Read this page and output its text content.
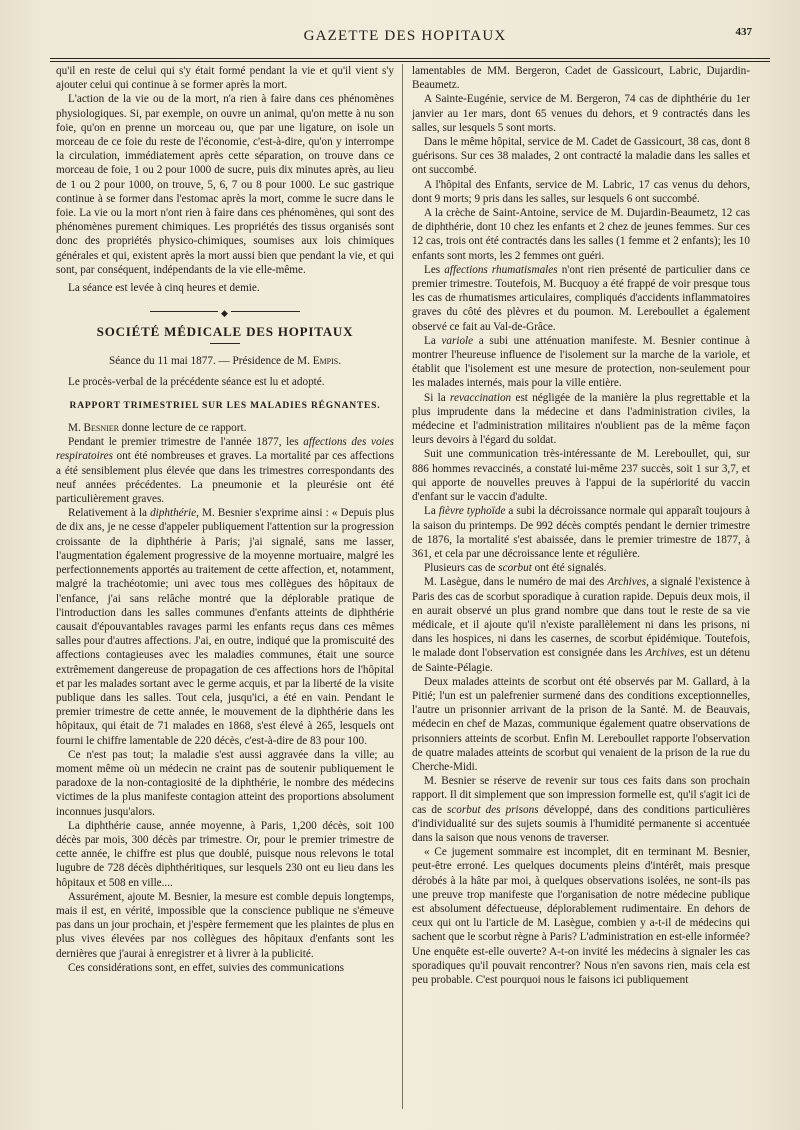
GAZETTE DES HOPITAUX	437

qu'il en reste de celui qui s'y était formé pendant la vie et qu'il vient s'y ajouter celui qui continue à se former après la mort.

L'action de la vie ou de la mort, n'a rien à faire dans ces phénomènes physiologiques. Si, par exemple, on ouvre un animal, qu'on mette à nu son foie, qu'on en prenne un morceau ou, que par une ligature, on isole un morceau de ce foie du reste de l'économie, c'est-à-dire, qu'on y interrompe la circulation, immédiatement après cette séparation, on trouve dans ce morceau de foie, 1 ou 2 pour 1000 de sucre, puis dix minutes après, au lieu de 1 ou 2 pour 1000, on trouve, 5, 6, 7 ou 8 pour 1000. Le suc gastrique continue à se former dans l'estomac après la mort, comme le sucre dans le foie. La vie ou la mort n'ont rien à faire dans ces phénomènes, qui sont des phénomènes purement chimiques. Les propriétés des tissus organisés sont donc des propriétés physico-chimiques, soumises aux lois chimiques générales et qui, existent après la mort aussi bien que pendant la vie, et qui sont, par conséquent, indépendants de la vie elle-même.

La séance est levée à cinq heures et demie.

◆
SOCIÉTÉ MÉDICALE DES HOPITAUX

Séance du 11 mai 1877. — Présidence de M. Empis.

Le procès-verbal de la précédente séance est lu et adopté.

RAPPORT TRIMESTRIEL SUR LES MALADIES RÉGNANTES.

M. Besnier donne lecture de ce rapport.

Pendant le premier trimestre de l'année 1877, les affections des voies respiratoires ont été nombreuses et graves. La mortalité par ces affections a été sensiblement plus élevée que dans les trimestres correspondants des neuf années précédentes. La pneumonie et la pleurésie ont été particulièrement graves.

Relativement à la diphthérie, M. Besnier s'exprime ainsi : « Depuis plus de dix ans, je ne cesse d'appeler publiquement l'attention sur la progression croissante de la diphthérie à Paris; j'ai signalé, sans me lasser, l'augmentation également progressive de la moyenne mortuaire, malgré les perfectionnements apportés au traitement de cette affection, et, notamment, malgré la trachéotomie; uni avec tous mes collègues des hôpitaux de l'enfance, j'ai sans relâche montré que la déplorable pratique de l'introduction dans les salles communes d'enfants atteints de diphthérie causait d'épouvantables ravages parmi les enfants reçus dans ces mêmes salles pour d'autres affections. J'ai, en outre, indiqué que la promiscuité des affections contagieuses avec les maladies communes, était une source extrêmement dangereuse de propagation de ces affections hors de l'hôpital et par les malades sortant avec le germe acquis, et par la liberté de la visite publique dans les salles. Tout cela, jusqu'ici, a été en vain. Pendant le premier trimestre de cette année, le mouvement de la diphthérie dans les hôpitaux, qui était de 71 malades en 1868, s'est élevé à 265, lesquels ont fourni le chiffre lamentable de 220 décès, c'est-à-dire de 83 pour 100.

Ce n'est pas tout; la maladie s'est aussi aggravée dans la ville; au moment même où un médecin ne craint pas de soutenir publiquement le paradoxe de la non-contagiosité de la diphthérie, le nombre des médecins victimes de la plus manifeste contagion atteint des proportions absolument inconnues jusqu'alors.

La diphthérie cause, année moyenne, à Paris, 1,200 décès, soit 100 décès par mois, 300 décès par trimestre. Or, pour le premier trimestre de cette année, le chiffre est plus que doublé, puisque nous relevons le total lugubre de 728 décès diphthéritiques, sur lesquels 230 ont eu lieu dans les hôpitaux et 508 en ville....

Assurément, ajoute M. Besnier, la mesure est comble depuis longtemps, mais il est, en vérité, impossible que la conscience publique ne s'émeuve pas dans un jour prochain, et j'espère fermement que les plaintes de plus en plus vives élevées par nos collègues des hôpitaux d'enfants sont les dernières que j'aurai à enregistrer et à livrer à la publicité.

Ces considérations sont, en effet, suivies des communications

lamentables de MM. Bergeron, Cadet de Gassicourt, Labric, Dujardin-Beaumetz.

A Sainte-Eugénie, service de M. Bergeron, 74 cas de diphthérie du 1er janvier au 1er mars, dont 65 venues du dehors, et 9 contractés dans les salles, sur lesquels 5 sont morts.

Dans le même hôpital, service de M. Cadet de Gassicourt, 38 cas, dont 8 guérisons. Sur ces 38 malades, 2 ont contracté la maladie dans les salles et ont succombé.

A l'hôpital des Enfants, service de M. Labric, 17 cas venus du dehors, dont 9 morts; 9 pris dans les salles, sur lesquels 6 ont succombé.

A la crèche de Saint-Antoine, service de M. Dujardin-Beaumetz, 12 cas de diphthérie, dont 10 chez les enfants et 2 chez de jeunes femmes. Sur ces 12 cas, trois ont été contractés dans les salles (1 femme et 2 enfants); les 10 enfants sont morts, les 2 femmes ont guéri.

Les affections rhumatismales n'ont rien présenté de particulier dans ce premier trimestre. Toutefois, M. Bucquoy a été frappé de voir presque tous les cas de rhumatismes articulaires, compliqués d'accidents inflammatoires graves du côté des plèvres et du poumon. M. Lereboullet a également observé ce fait au Val-de-Grâce.

La variole a subi une atténuation manifeste. M. Besnier continue à montrer l'heureuse influence de l'isolement sur la marche de la variole, et établit que l'isolement est une mesure de protection, non-seulement pour les malades internés, mais pour la ville entière.

Si la revaccination est négligée de la manière la plus regrettable et la plus imprudente dans la médecine et dans l'administration civiles, la médecine et l'administration militaires n'oublient pas de la même façon leurs devoirs à l'égard du soldat.

Suit une communication très-intéressante de M. Lereboullet, qui, sur 886 hommes revaccinés, a constaté lui-même 237 succès, soit 1 sur 3,7, et qui apporte de nouvelles preuves à l'appui de la supériorité du vaccin d'enfant sur le vaccin d'adulte.

La fièvre typhoïde a subi la décroissance normale qui apparaît toujours à la saison du printemps. De 992 décès comptés pendant le dernier trimestre de 1876, la mortalité s'est abaissée, dans le premier trimestre de 1877, à 361, et cela par une décroissance lente et régulière.

Plusieurs cas de scorbut ont été signalés.

M. Lasègue, dans le numéro de mai des Archives, a signalé l'existence à Paris des cas de scorbut sporadique à curation rapide. Depuis deux mois, il en aurait observé un plus grand nombre que dans tout le reste de sa vie médicale, et il ajoute qu'il n'existe parallèlement ni dans les prisons, ni dans les hospices, ni dans les casernes, de scorbut épidémique. Toutefois, le malade dont l'observation est consignée dans les Archives, est un détenu de Sainte-Pélagie.

Deux malades atteints de scorbut ont été observés par M. Gallard, à la Pitié; l'un est un palefrenier surmené dans des conditions exceptionnelles, l'autre un prisonnier arrivant de la prison de la Santé. M. de Beauvais, médecin en chef de Mazas, communique également quatre observations de prisonniers atteints de scorbut. Enfin M. Lereboullet rapporte l'observation de quatre malades atteints de scorbut qui venaient de la prison de la rue du Cherche-Midi.

M. Besnier se réserve de revenir sur tous ces faits dans son prochain rapport. Il dit simplement que son impression formelle est, qu'il s'agit ici de cas de scorbut des prisons développé, dans des conditions particulières d'individualité sur des sujets soumis à l'humidité permanente si accentuée dans la saison que nous venons de traverser.

« Ce jugement sommaire est incomplet, dit en terminant M. Besnier, peut-être erroné. Les quelques documents pleins d'intérêt, mais presque dérobés à la hâte par moi, à quelques observations isolées, ne sont-ils pas une preuve trop manifeste que l'organisation de notre médecine publique est absolument défectueuse, déplorablement rudimentaire. En dehors de ceux qui ont lu l'article de M. Lasègue, combien y a-t-il de médecins qui sachent que le scorbut règne à Paris? L'administration en est-elle informée? Une enquête est-elle ouverte? A-t-on invité les médecins à signaler les cas sporadiques qu'il pouvait rencontrer? Nous n'en savons rien, mais cela est peu probable. C'est pourquoi nous le faisons ici publiquement
